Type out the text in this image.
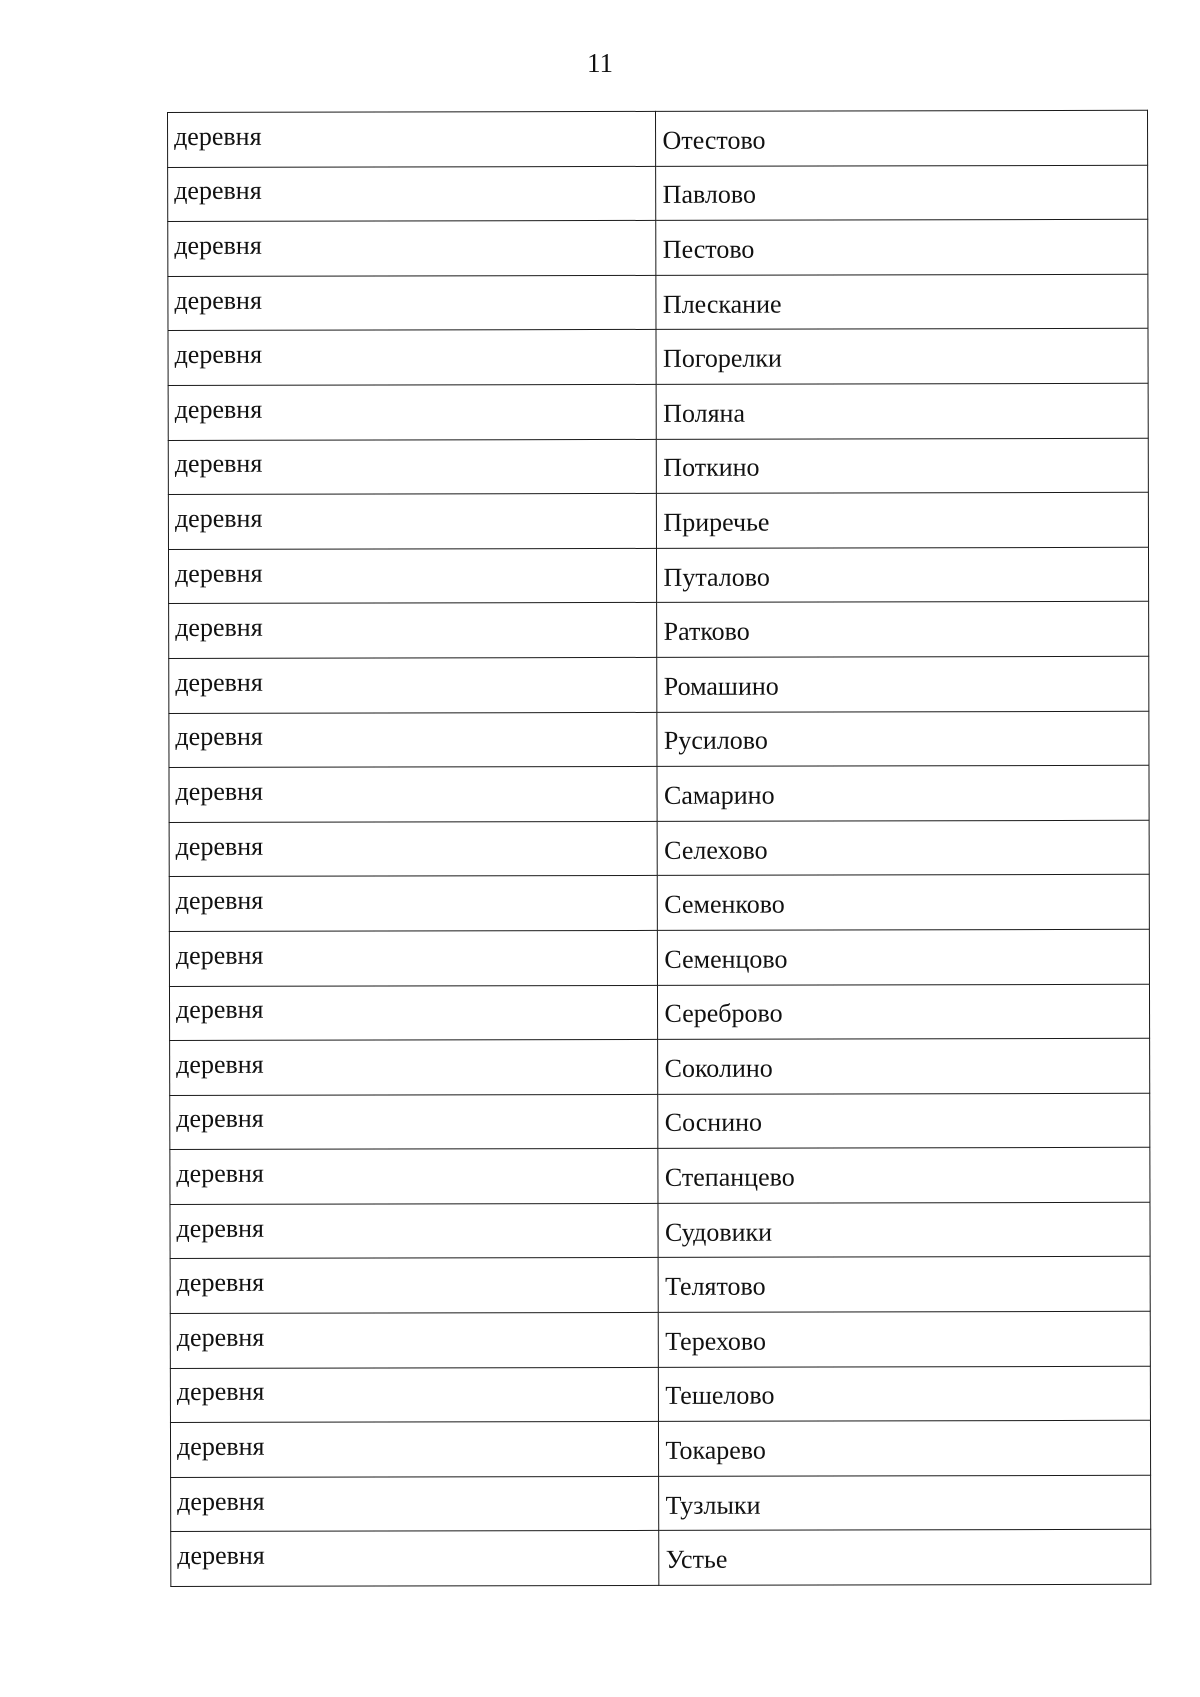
11
деревня	Отестово
деревня	Павлово
деревня	Пестово
деревня	Плескание
деревня	Погорелки
деревня	Поляна
деревня	Поткино
деревня	Приречье
деревня	Путалово
деревня	Ратково
деревня	Ромашино
деревня	Русилово
деревня	Самарино
деревня	Селехово
деревня	Семенково
деревня	Семенцово
деревня	Сереброво
деревня	Соколино
деревня	Соснино
деревня	Степанцево
деревня	Судовики
деревня	Телятово
деревня	Терехово
деревня	Тешелово
деревня	Токарево
деревня	Тузлыки
деревня	Устье
